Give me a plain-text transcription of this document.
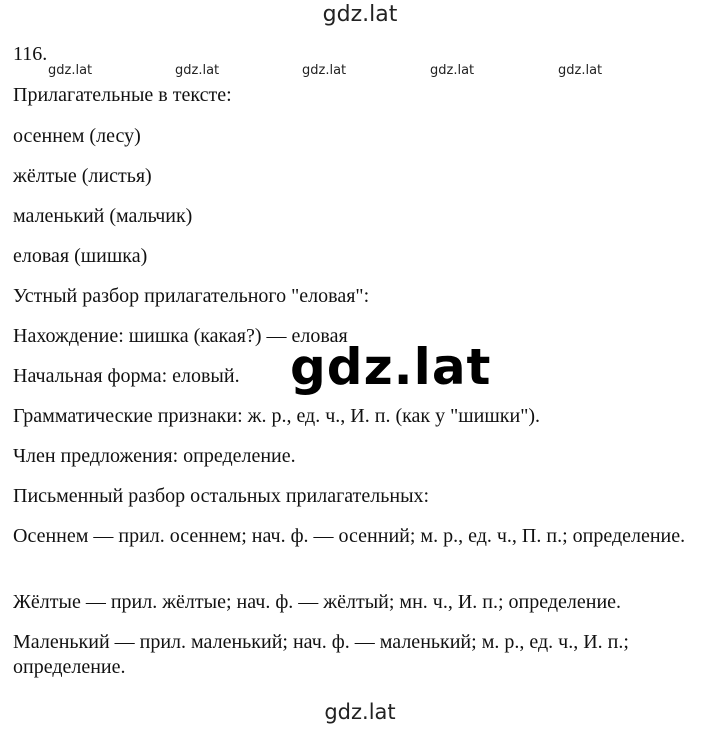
gdz.lat
gdz.lat	gdz.lat	gdz.lat	gdz.lat	gdz.lat
116.
Прилагательные в тексте:
осеннем (лесу)
жёлтые (листья)
маленький (мальчик)
еловая (шишка)
Устный разбор прилагательного "еловая":
Нахождение: шишка (какая?) — еловая
Начальная форма: еловый.
Грамматические признаки: ж. р., ед. ч., И. п. (как у "шишки").
Член предложения: определение.
Письменный разбор остальных прилагательных:
Осеннем — прил. осеннем; нач. ф. — осенний; м. р., ед. ч., П. п.; определение.
Жёлтые — прил. жёлтые; нач. ф. — жёлтый; мн. ч., И. п.; определение.
Маленький — прил. маленький; нач. ф. — маленький; м. р., ед. ч., И. п.; определение.
gdz.lat
gdz.lat
